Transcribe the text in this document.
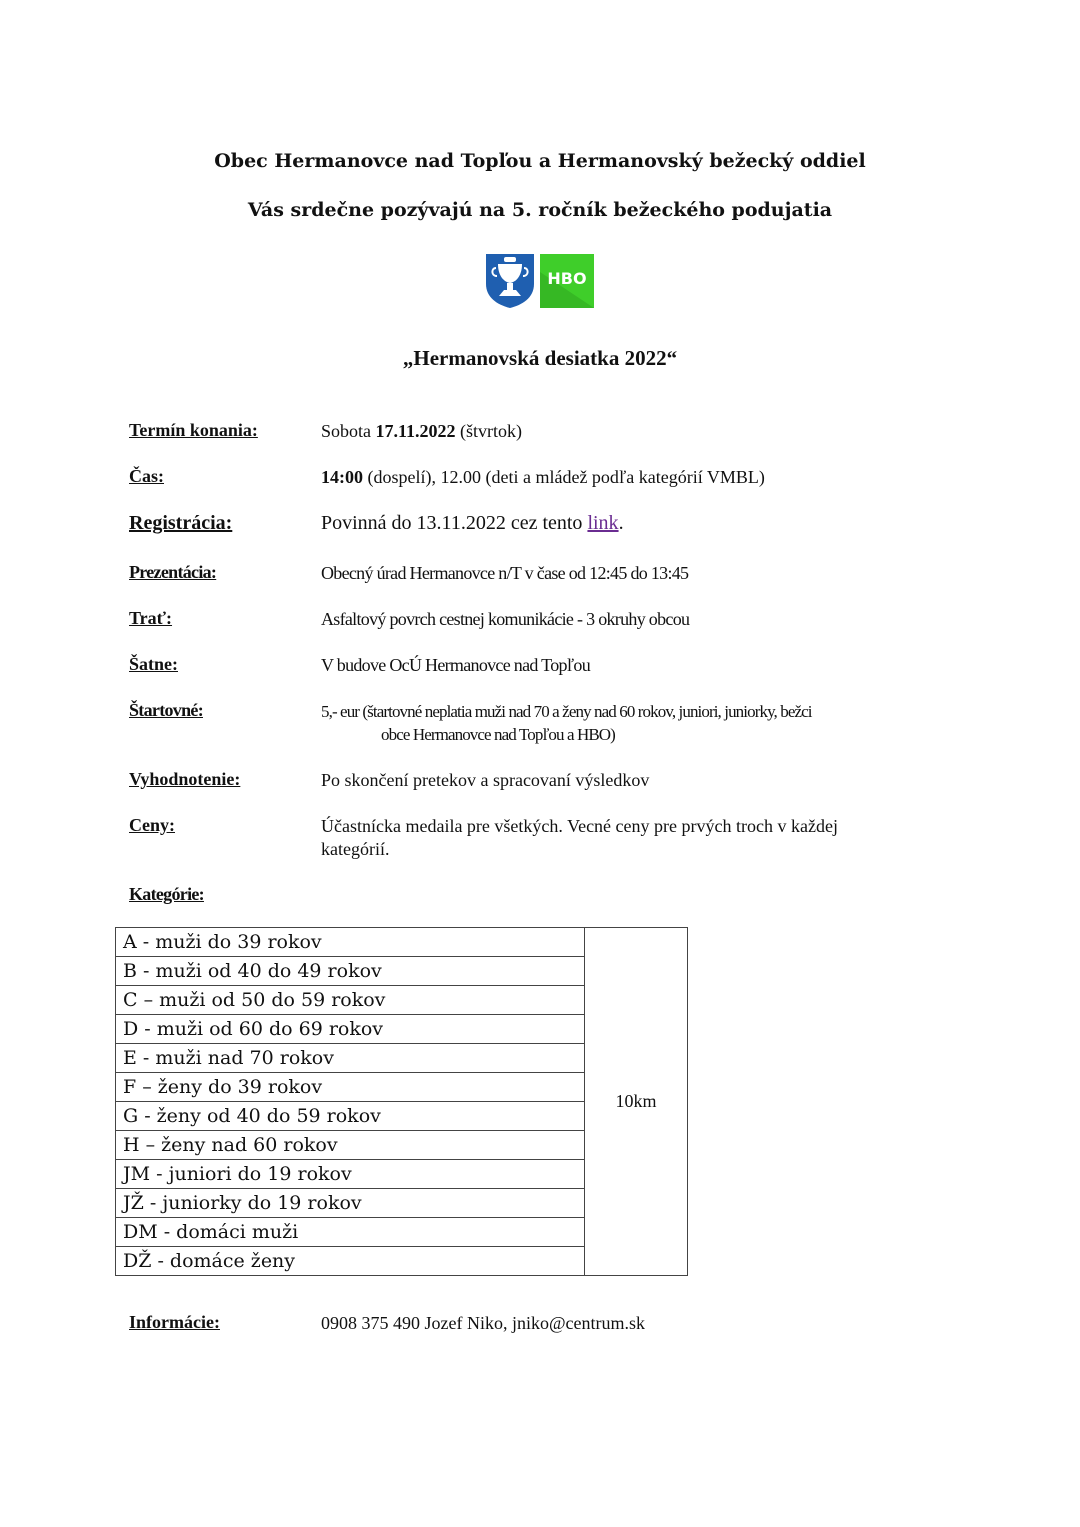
Obec Hermanovce nad Topľou a Hermanovský bežecký oddiel
Vás srdečne pozývajú na 5. ročník bežeckého podujatia
HBO
„Hermanovská desiatka 2022“
Termín konania:	Sobota 17.11.2022 (štvrtok)
Čas:	14:00 (dospelí), 12.00 (deti a mládež podľa kategórií VMBL)
Registrácia:	Povinná do 13.11.2022 cez tento link.
Prezentácia:	Obecný úrad Hermanovce n/T v čase od 12:45 do 13:45
Trať:	Asfaltový povrch cestnej komunikácie - 3 okruhy obcou
Šatne:	V budove OcÚ Hermanovce nad Topľou
Štartovné:	5,- eur (štartovné neplatia muži nad 70 a ženy nad 60 rokov, juniori, juniorky, bežci
obce Hermanovce nad Topľou a HBO)
Vyhodnotenie:	Po skončení pretekov a spracovaní výsledkov
Ceny:	Účastnícka medaila pre všetkých. Vecné ceny pre prvých troch v každej
kategórií.
Kategórie:
A - muži do 39 rokov	10km
B - muži od 40 do 49 rokov
C – muži od 50 do 59 rokov
D - muži od 60 do 69 rokov
E - muži nad 70 rokov
F – ženy do 39 rokov
G - ženy od 40 do 59 rokov
H – ženy nad 60 rokov
JM - juniori do 19 rokov
JŽ - juniorky do 19 rokov
DM - domáci muži
DŽ - domáce ženy
Informácie:	0908 375 490 Jozef Niko, jniko@centrum.sk
